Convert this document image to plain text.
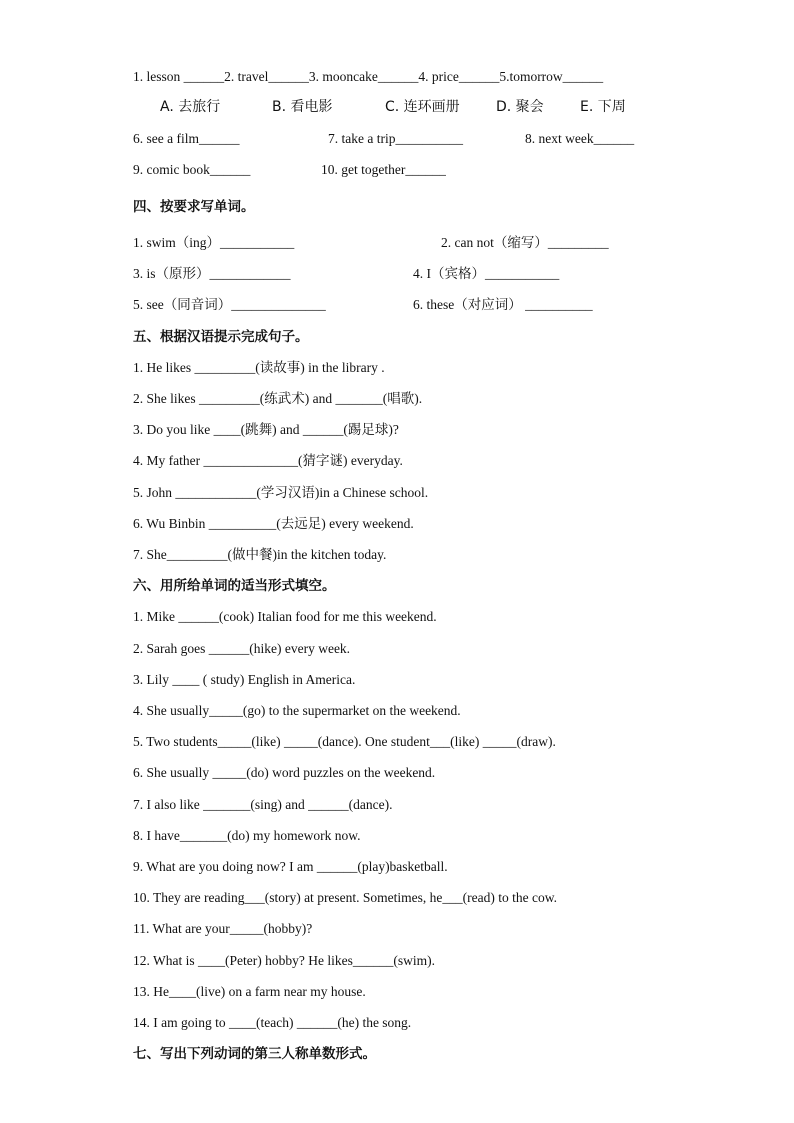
1. lesson ______2. travel______3. mooncake______4. price______5.tomorrow______
A. 去旅行	B. 看电影	C. 连环画册	D. 聚会	E. 下周
6. see a film______	7. take a trip__________	8. next week______
9. comic book______	10. get together______
四、按要求写单词。
1. swim（ing）___________	2. can not（缩写）_________
3. is（原形）____________	4. I（宾格）___________
5. see（同音词）______________	6. these（对应词） __________
五、根据汉语提示完成句子。
1. He likes _________(读故事) in the library .
2. She likes _________(练武术) and _______(唱歌).
3. Do you like ____(跳舞) and ______(踢足球)?
4. My father ______________(猜字谜) everyday.
5. John ____________(学习汉语)in a Chinese school.
6. Wu Binbin __________(去远足) every weekend.
7. She_________(做中餐)in the kitchen today.
六、用所给单词的适当形式填空。
1. Mike ______(cook) Italian food for me this weekend.
2. Sarah goes ______(hike) every week.
3. Lily ____ ( study) English in America.
4. She usually_____(go) to the supermarket on the weekend.
5. Two students_____(like) _____(dance). One student___(like) _____(draw).
6. She usually _____(do) word puzzles on the weekend.
7. I also like _______(sing) and ______(dance).
8. I have_______(do) my homework now.
9. What are you doing now? I am ______(play)basketball.
10. They are reading___(story) at present. Sometimes, he___(read) to the cow.
11. What are your_____(hobby)?
12. What is ____(Peter) hobby? He likes______(swim).
13. He____(live) on a farm near my house.
14. I am going to ____(teach) ______(he) the song.
七、写出下列动词的第三人称单数形式。
